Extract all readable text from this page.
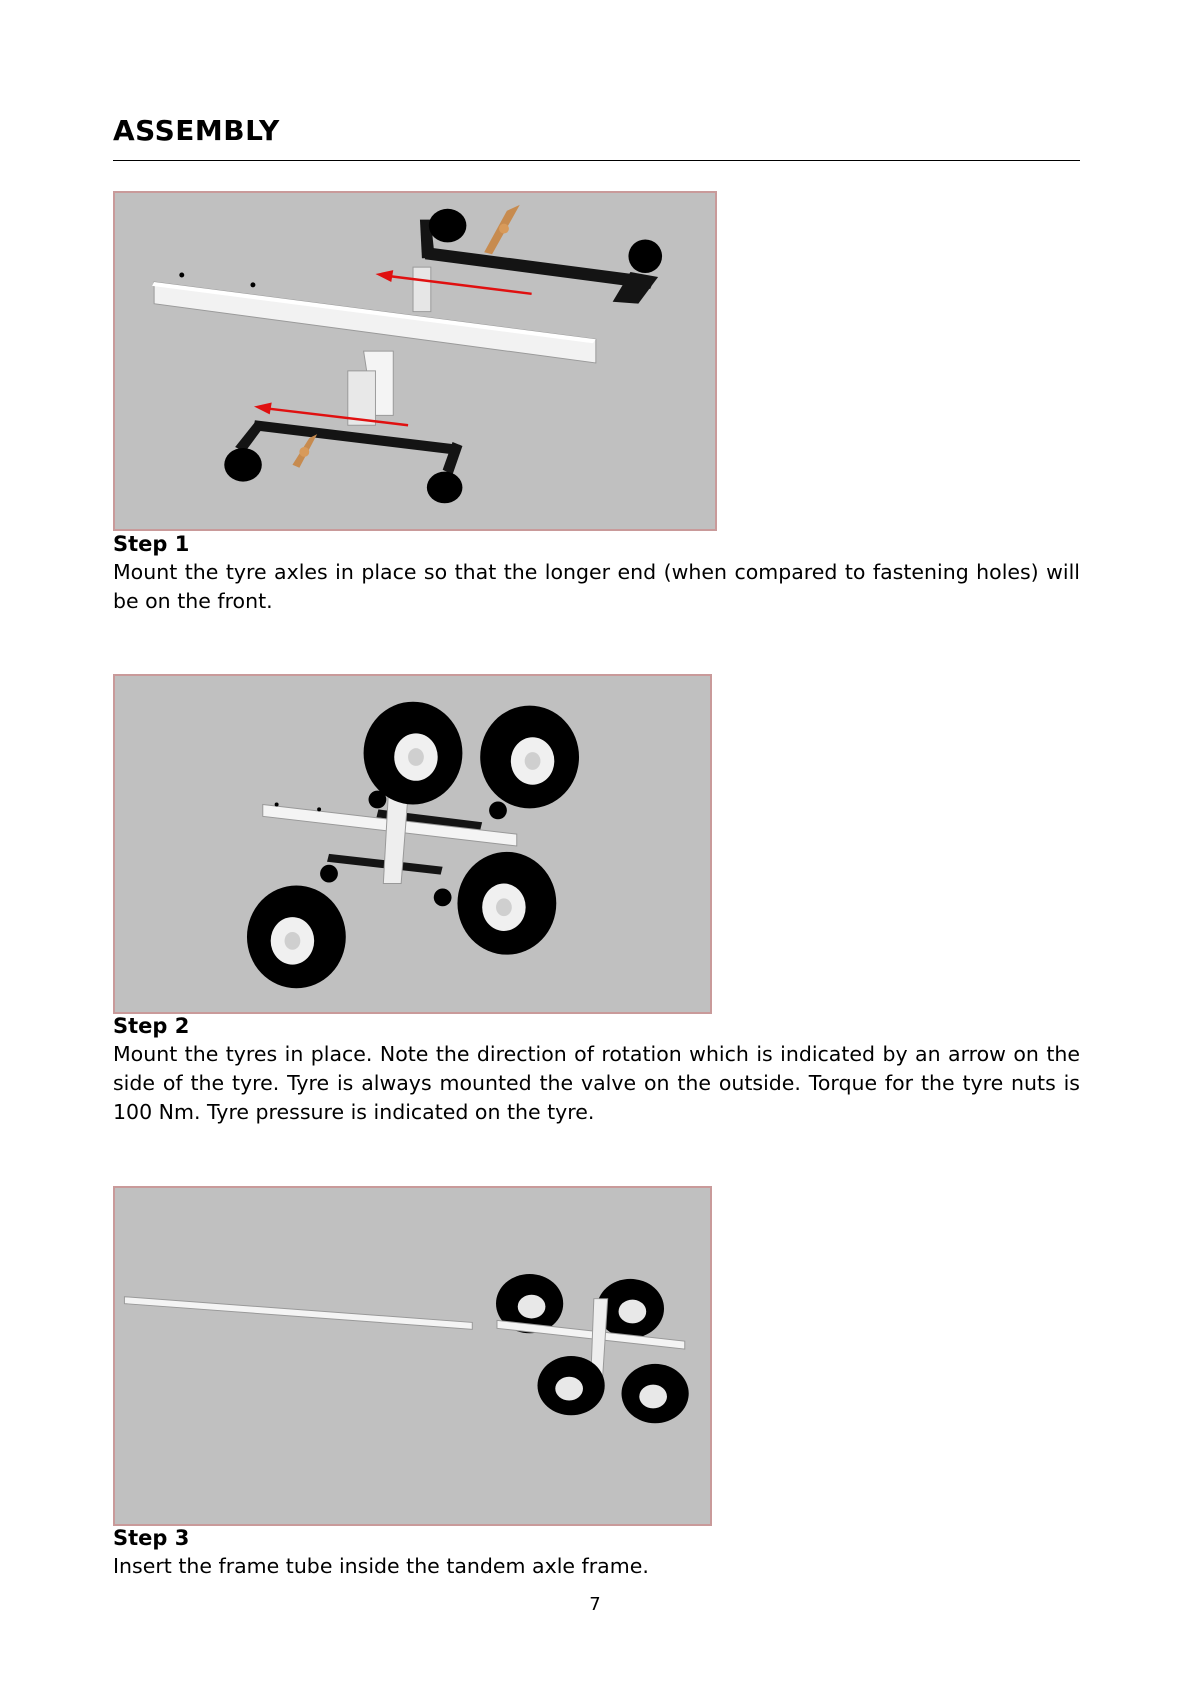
ASSEMBLY
Step 1
Mount the tyre axles in place so that the longer end (when compared to fastening holes) will be on the front.
Step 2
Mount the tyres in place. Note the direction of rotation which is indicated by an arrow on the side of the tyre. Tyre is always mounted the valve on the outside. Torque for the tyre nuts is 100 Nm. Tyre pressure is indicated on the tyre.
Step 3
Insert the frame tube inside the tandem axle frame.
7
